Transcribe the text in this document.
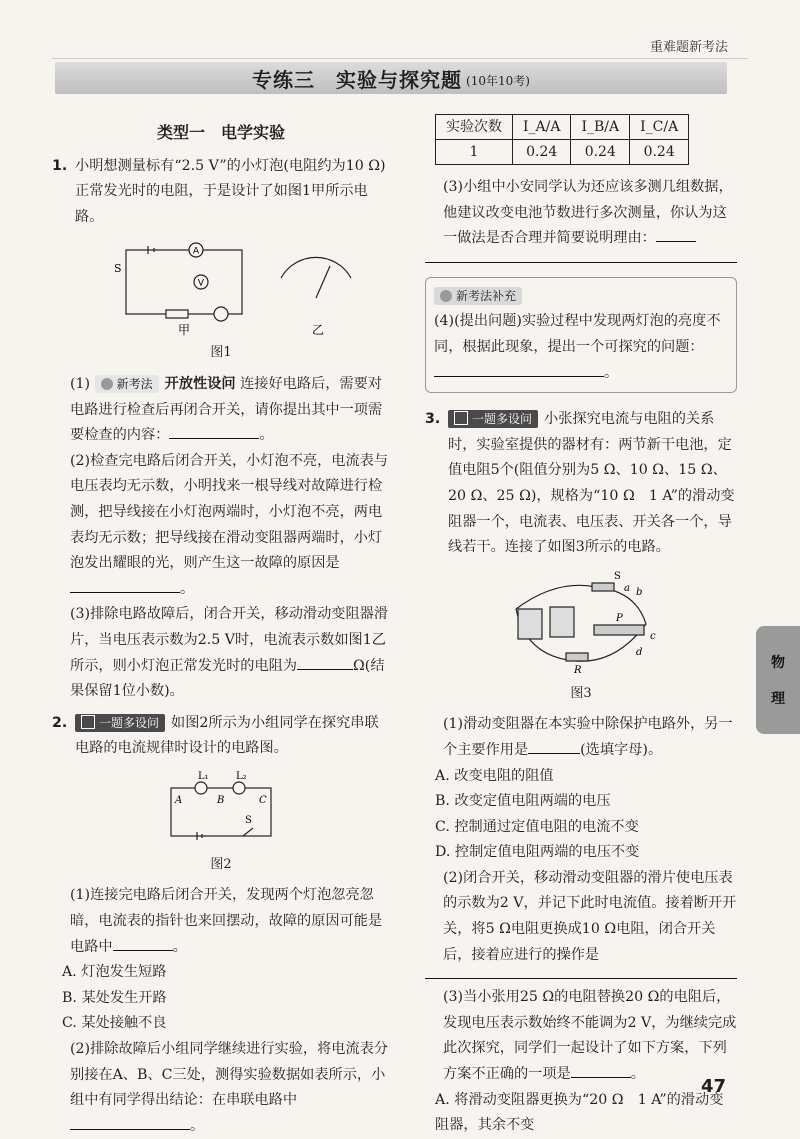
重难题新考法
专练三　实验与探究题 (10年10考)
类型一　电学实验
1. 小明想测量标有“2.5 V”的小灯泡(电阻约为10 Ω)正常发光时的电阻，于是设计了如图1甲所示电路。

A
V
S
甲	乙
图1

(1) 新考法 开放性设问 连接好电路后，需要对电路进行检查后再闭合开关，请你提出其中一项需要检查的内容：	。

(2)检查完电路后闭合开关，小灯泡不亮，电流表与电压表均无示数，小明找来一根导线对故障进行检测，把导线接在小灯泡两端时，小灯泡不亮，两电表均无示数；把导线接在滑动变阻器两端时，小灯泡发出耀眼的光，则产生这一故障的原因是。

(3)排除电路故障后，闭合开关，移动滑动变阻器滑片，当电压表示数为2.5 V时，电流表示数如图1乙所示，则小灯泡正常发光时的电阻为	Ω(结果保留1位小数)。

2.	一题多设问 如图2所示为小组同学在探究串联电路的电流规律时设计的电路图。

L₁	L₂
A	B	C
S
图2

(1)连接完电路后闭合开关，发现两个灯泡忽亮忽暗，电流表的指针也来回摆动，故障的原因可能是电路中	。

A. 灯泡发生短路

B. 某处发生开路

C. 某处接触不良

(2)排除故障后小组同学继续进行实验，将电流表分别接在A、B、C三处，测得实验数据如表所示，小组中有同学得出结论：在串联电路中。

实验次数	I_A/A	I_B/A	I_C/A
1	0.24	0.24	0.24

(3)小组中小安同学认为还应该多测几组数据，他建议改变电池节数进行多次测量，你认为这一做法是否合理并简要说明理由：

新考法补充

(4)(提出问题)实验过程中发现两灯泡的亮度不同，根据此现象，提出一个可探究的问题：。

3.	一题多设问 小张探究电流与电阻的关系时，实验室提供的器材有：两节新干电池，定值电阻5个(阻值分别为5 Ω、10 Ω、15 Ω、20 Ω、25 Ω)，规格为“10 Ω　1 A”的滑动变阻器一个，电流表、电压表、开关各一个，导线若干。连接了如图3所示的电路。

S
a b
P
c
d
R
图3

(1)滑动变阻器在本实验中除保护电路外，另一个主要作用是	(选填字母)。

A. 改变电阻的阻值

B. 改变定值电阻两端的电压

C. 控制通过定值电阻的电流不变

D. 控制定值电阻两端的电压不变

(2)闭合开关，移动滑动变阻器的滑片使电压表的示数为2 V，并记下此时电流值。接着断开开关，将5 Ω电阻更换成10 Ω电阻，闭合开关后，接着应进行的操作是

(3)当小张用25 Ω的电阻替换20 Ω的电阻后，发现电压表示数始终不能调为2 V，为继续完成此次探究，同学们一起设计了如下方案，下列方案不正确的一项是	。

A. 将滑动变阻器更换为“20 Ω　1 A”的滑动变阻器，其余不变

物
理
47
